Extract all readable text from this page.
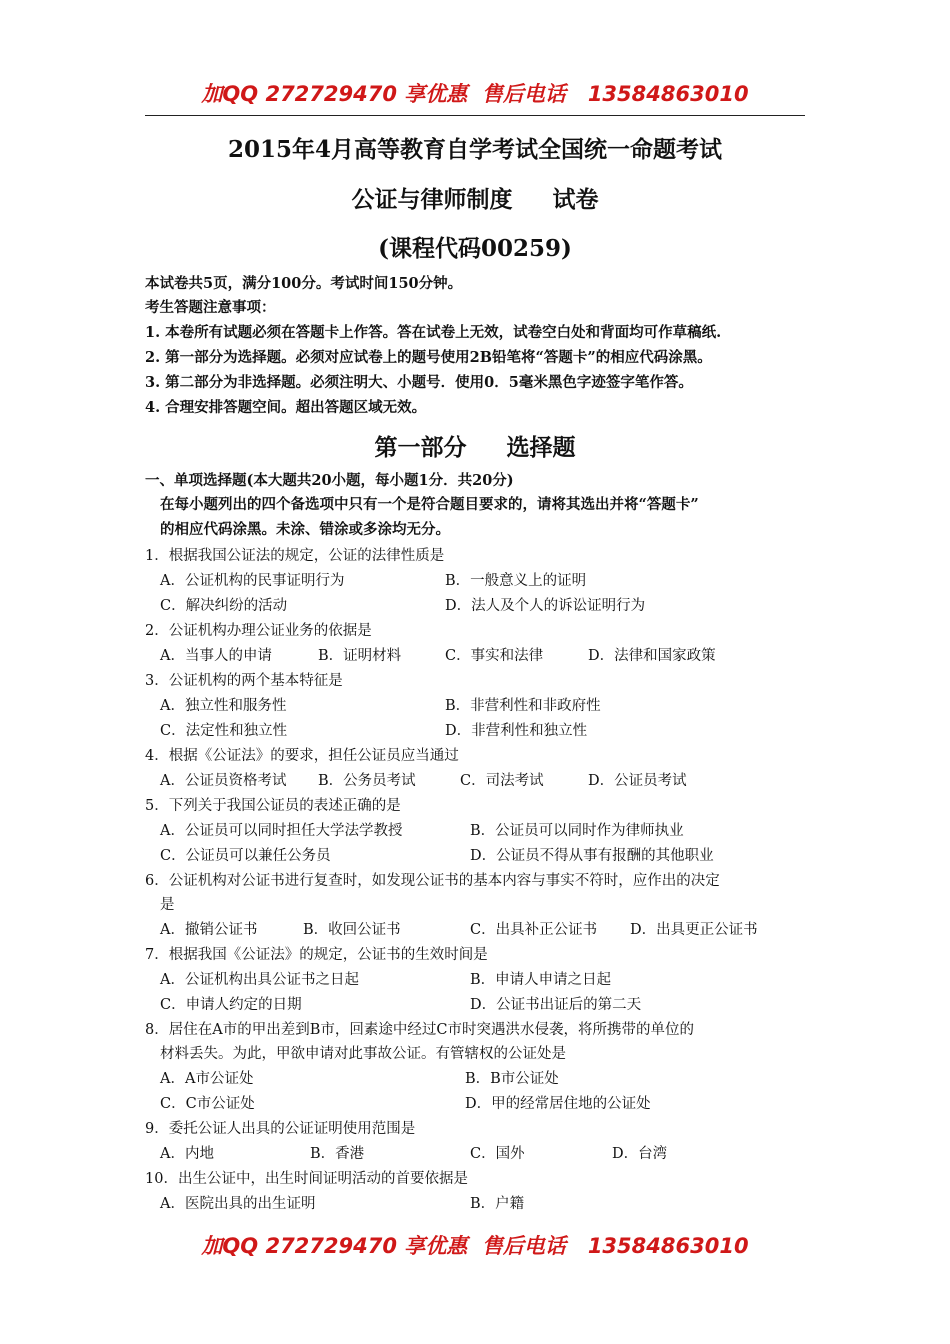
加QQ 272729470 享优惠  售后电话   13584863010
2015年4月高等教育自学考试全国统一命题考试
公证与律师制度     试卷
(课程代码00259)
本试卷共5页，满分100分。考试时间150分钟。
考生答题注意事项：
1. 本卷所有试题必须在答题卡上作答。答在试卷上无效，试卷空白处和背面均可作草稿纸.
2. 第一部分为选择题。必须对应试卷上的题号使用2B铅笔将“答题卡”的相应代码涂黑。
3. 第二部分为非选择题。必须注明大、小题号．使用0．5毫米黑色字迹签字笔作答。
4. 合理安排答题空间。超出答题区域无效。
第一部分     选择题
一、单项选择题(本大题共20小题，每小题1分．共20分)
在每小题列出的四个备选项中只有一个是符合题目要求的，请将其选出并将“答题卡”
的相应代码涂黑。未涂、错涂或多涂均无分。
1．根据我国公证法的规定，公证的法律性质是
A．公证机构的民事证明行为	B．一般意义上的证明
C．解决纠纷的活动	D．法人及个人的诉讼证明行为
2．公证机构办理公证业务的依据是
A．当事人的申请	B．证明材料	C．事实和法律	D．法律和国家政策
3．公证机构的两个基本特征是
A．独立性和服务性	B．非营利性和非政府性
C．法定性和独立性	D．非营利性和独立性
4．根据《公证法》的要求，担任公证员应当通过
A．公证员资格考试 B．公务员考试	C．司法考试	D．公证员考试
5．下列关于我国公证员的表述正确的是
A．公证员可以同时担任大学法学教授	B．公证员可以同时作为律师执业
C．公证员可以兼任公务员	D．公证员不得从事有报酬的其他职业
6．公证机构对公证书进行复查时，如发现公证书的基本内容与事实不符时，应作出的决定
是
A．撤销公证书	B．收回公证书	C．出具补正公证书 D．出具更正公证书
7．根据我国《公证法》的规定，公证书的生效时间是
A．公证机构出具公证书之日起	B．申请人申请之日起
C．申请人约定的日期	D．公证书出证后的第二天
8．居住在A市的甲出差到B市，回素途中经过C市时突遇洪水侵袭，将所携带的单位的
材料丢失。为此，甲欲申请对此事故公证。有管辖权的公证处是
A．A市公证处	B．B市公证处
C．C市公证处	D．甲的经常居住地的公证处
9．委托公证人出具的公证证明使用范围是
A．内地	B．香港	C．国外	D．台湾
10．出生公证中，出生时间证明活动的首要依据是
A．医院出具的出生证明	B．户籍
加QQ 272729470 享优惠  售后电话   13584863010
